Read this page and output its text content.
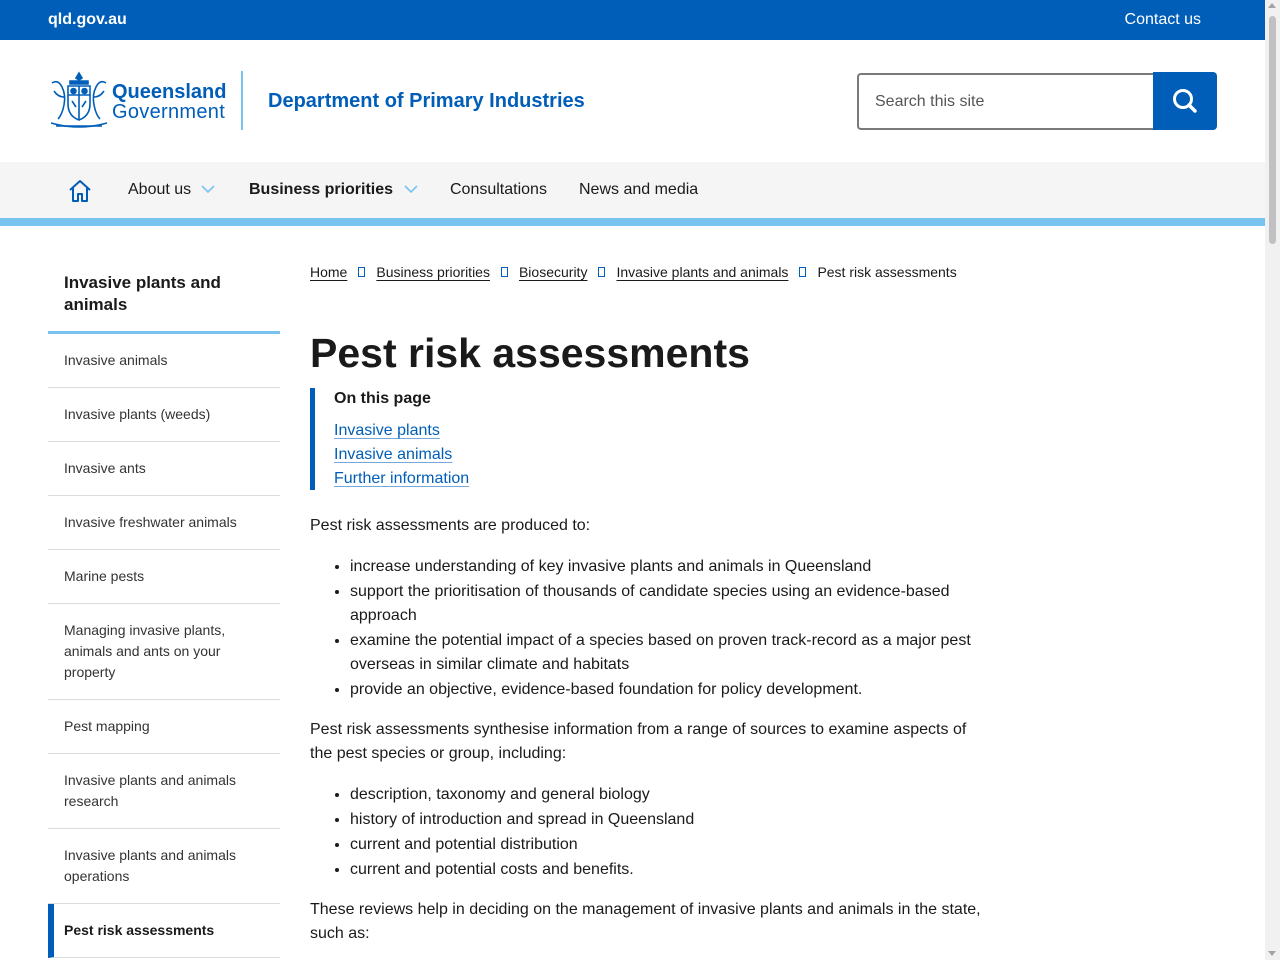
qld.gov.au	Contact us
Queensland
Government Department of Primary Industries
Search this site
About us	Business priorities	Consultations News and media
Invasive plants and animals
Invasive animals
Invasive plants (weeds)
Invasive ants
Invasive freshwater animals
Marine pests
Managing invasive plants, animals and ants on your property
Pest mapping
Invasive plants and animals research
Invasive plants and animals operations
Pest risk assessments
Home Business priorities Biosecurity Invasive plants and animals Pest risk assessments
Pest risk assessments
On this page
Invasive plants
Invasive animals
Further information

Pest risk assessments are produced to:

• increase understanding of key invasive plants and animals in Queensland
• support the prioritisation of thousands of candidate species using an evidence-based approach
• examine the potential impact of a species based on proven track-record as a major pest overseas in similar climate and habitats
• provide an objective, evidence-based foundation for policy development.

Pest risk assessments synthesise information from a range of sources to examine aspects of the pest species or group, including:

• description, taxonomy and general biology
• history of introduction and spread in Queensland
• current and potential distribution
• current and potential costs and benefits.

These reviews help in deciding on the management of invasive plants and animals in the state, such as:
